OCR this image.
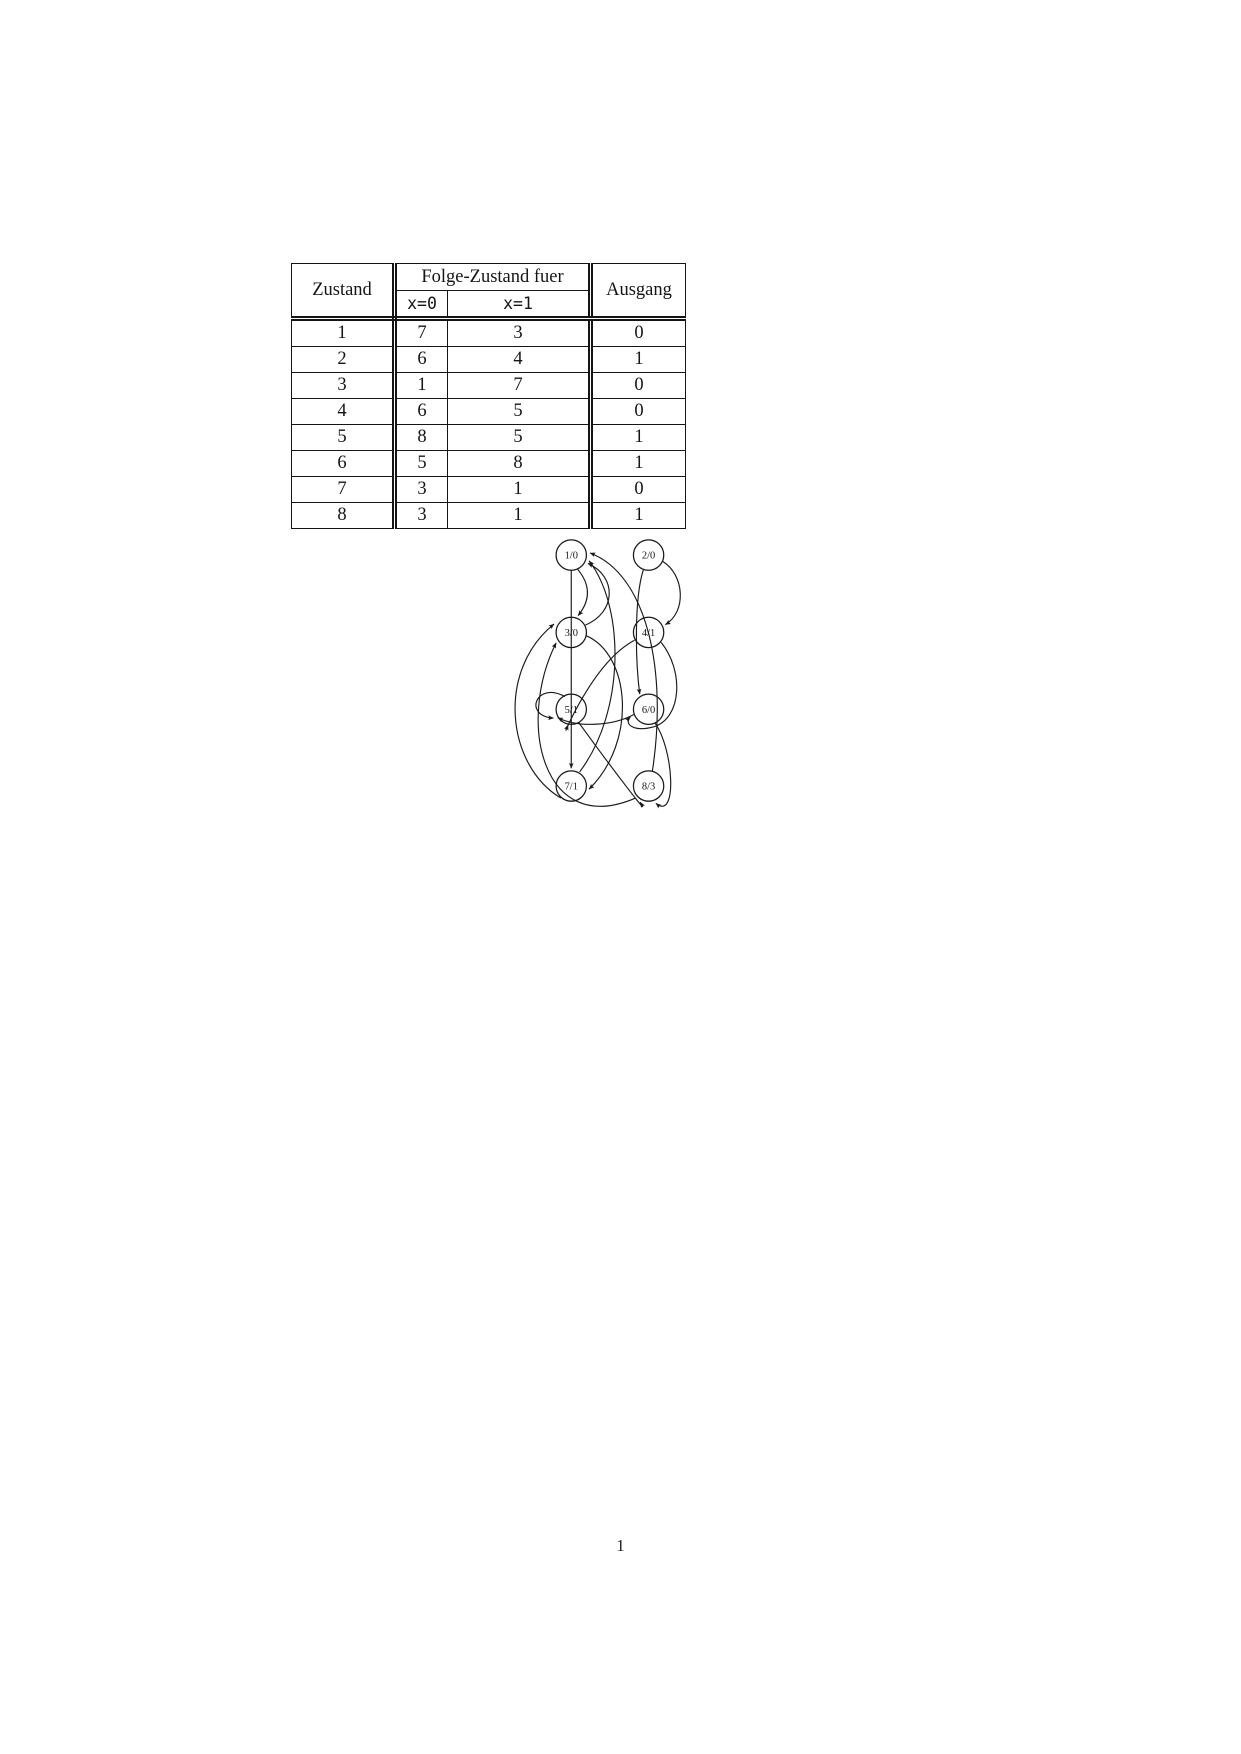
Zustand	Folge-Zustand fuer		Ausgang
	x=0	x=1	
1	7	3	0
2	6	4	1
3	1	7	0
4	6	5	0
5	8	5	1
6	5	8	1
7	3	1	0
8	3	1	1
1/0	2/0
3/0	4/1
5/1	6/0
7/1	8/3
1
